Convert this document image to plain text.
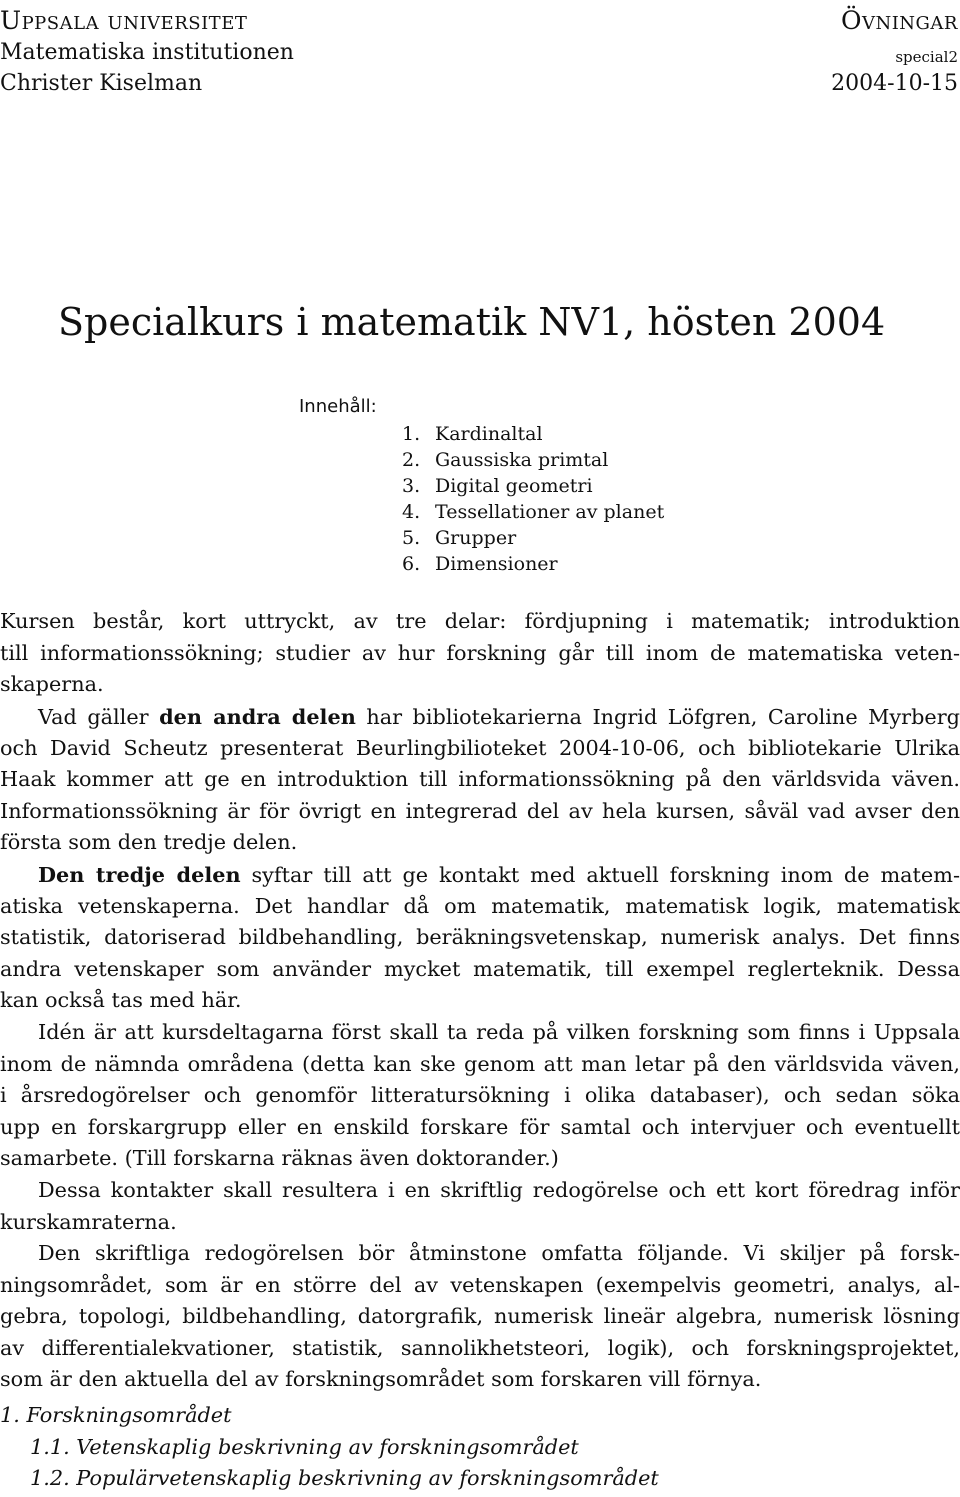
Uppsala universitet
Matematiska institutionen
Christer Kiselman
Övningar
special2
2004-10-15
Specialkurs i matematik NV1, hösten 2004
Innehåll:
1. Kardinaltal
2. Gaussiska primtal
3. Digital geometri
4. Tessellationer av planet
5. Grupper
6. Dimensioner
Kursen består, kort uttryckt, av tre delar: fördjupning i matematik; introduktion
till informationssökning; studier av hur forskning går till inom de matematiska veten-
skaperna.
Vad gäller den andra delen har bibliotekarierna Ingrid Löfgren, Caroline Myrberg
och David Scheutz presenterat Beurlingbilioteket 2004-10-06, och bibliotekarie Ulrika
Haak kommer att ge en introduktion till informationssökning på den världsvida väven.
Informationssökning är för övrigt en integrerad del av hela kursen, såväl vad avser den
första som den tredje delen.
Den tredje delen syftar till att ge kontakt med aktuell forskning inom de matem-
atiska vetenskaperna. Det handlar då om matematik, matematisk logik, matematisk
statistik, datoriserad bildbehandling, beräkningsvetenskap, numerisk analys. Det finns
andra vetenskaper som använder mycket matematik, till exempel reglerteknik. Dessa
kan också tas med här.
Idén är att kursdeltagarna först skall ta reda på vilken forskning som finns i Uppsala
inom de nämnda områdena (detta kan ske genom att man letar på den världsvida väven,
i årsredogörelser och genomför litteratursökning i olika databaser), och sedan söka
upp en forskargrupp eller en enskild forskare för samtal och intervjuer och eventuellt
samarbete. (Till forskarna räknas även doktorander.)
Dessa kontakter skall resultera i en skriftlig redogörelse och ett kort föredrag inför
kurskamraterna.
Den skriftliga redogörelsen bör åtminstone omfatta följande. Vi skiljer på forsk-
ningsområdet, som är en större del av vetenskapen (exempelvis geometri, analys, al-
gebra, topologi, bildbehandling, datorgrafik, numerisk lineär algebra, numerisk lösning
av differentialekvationer, statistik, sannolikhetsteori, logik), och forskningsprojektet,
som är den aktuella del av forskningsområdet som forskaren vill förnya.
1. Forskningsområdet
1.1. Vetenskaplig beskrivning av forskningsområdet
1.2. Populärvetenskaplig beskrivning av forskningsområdet
